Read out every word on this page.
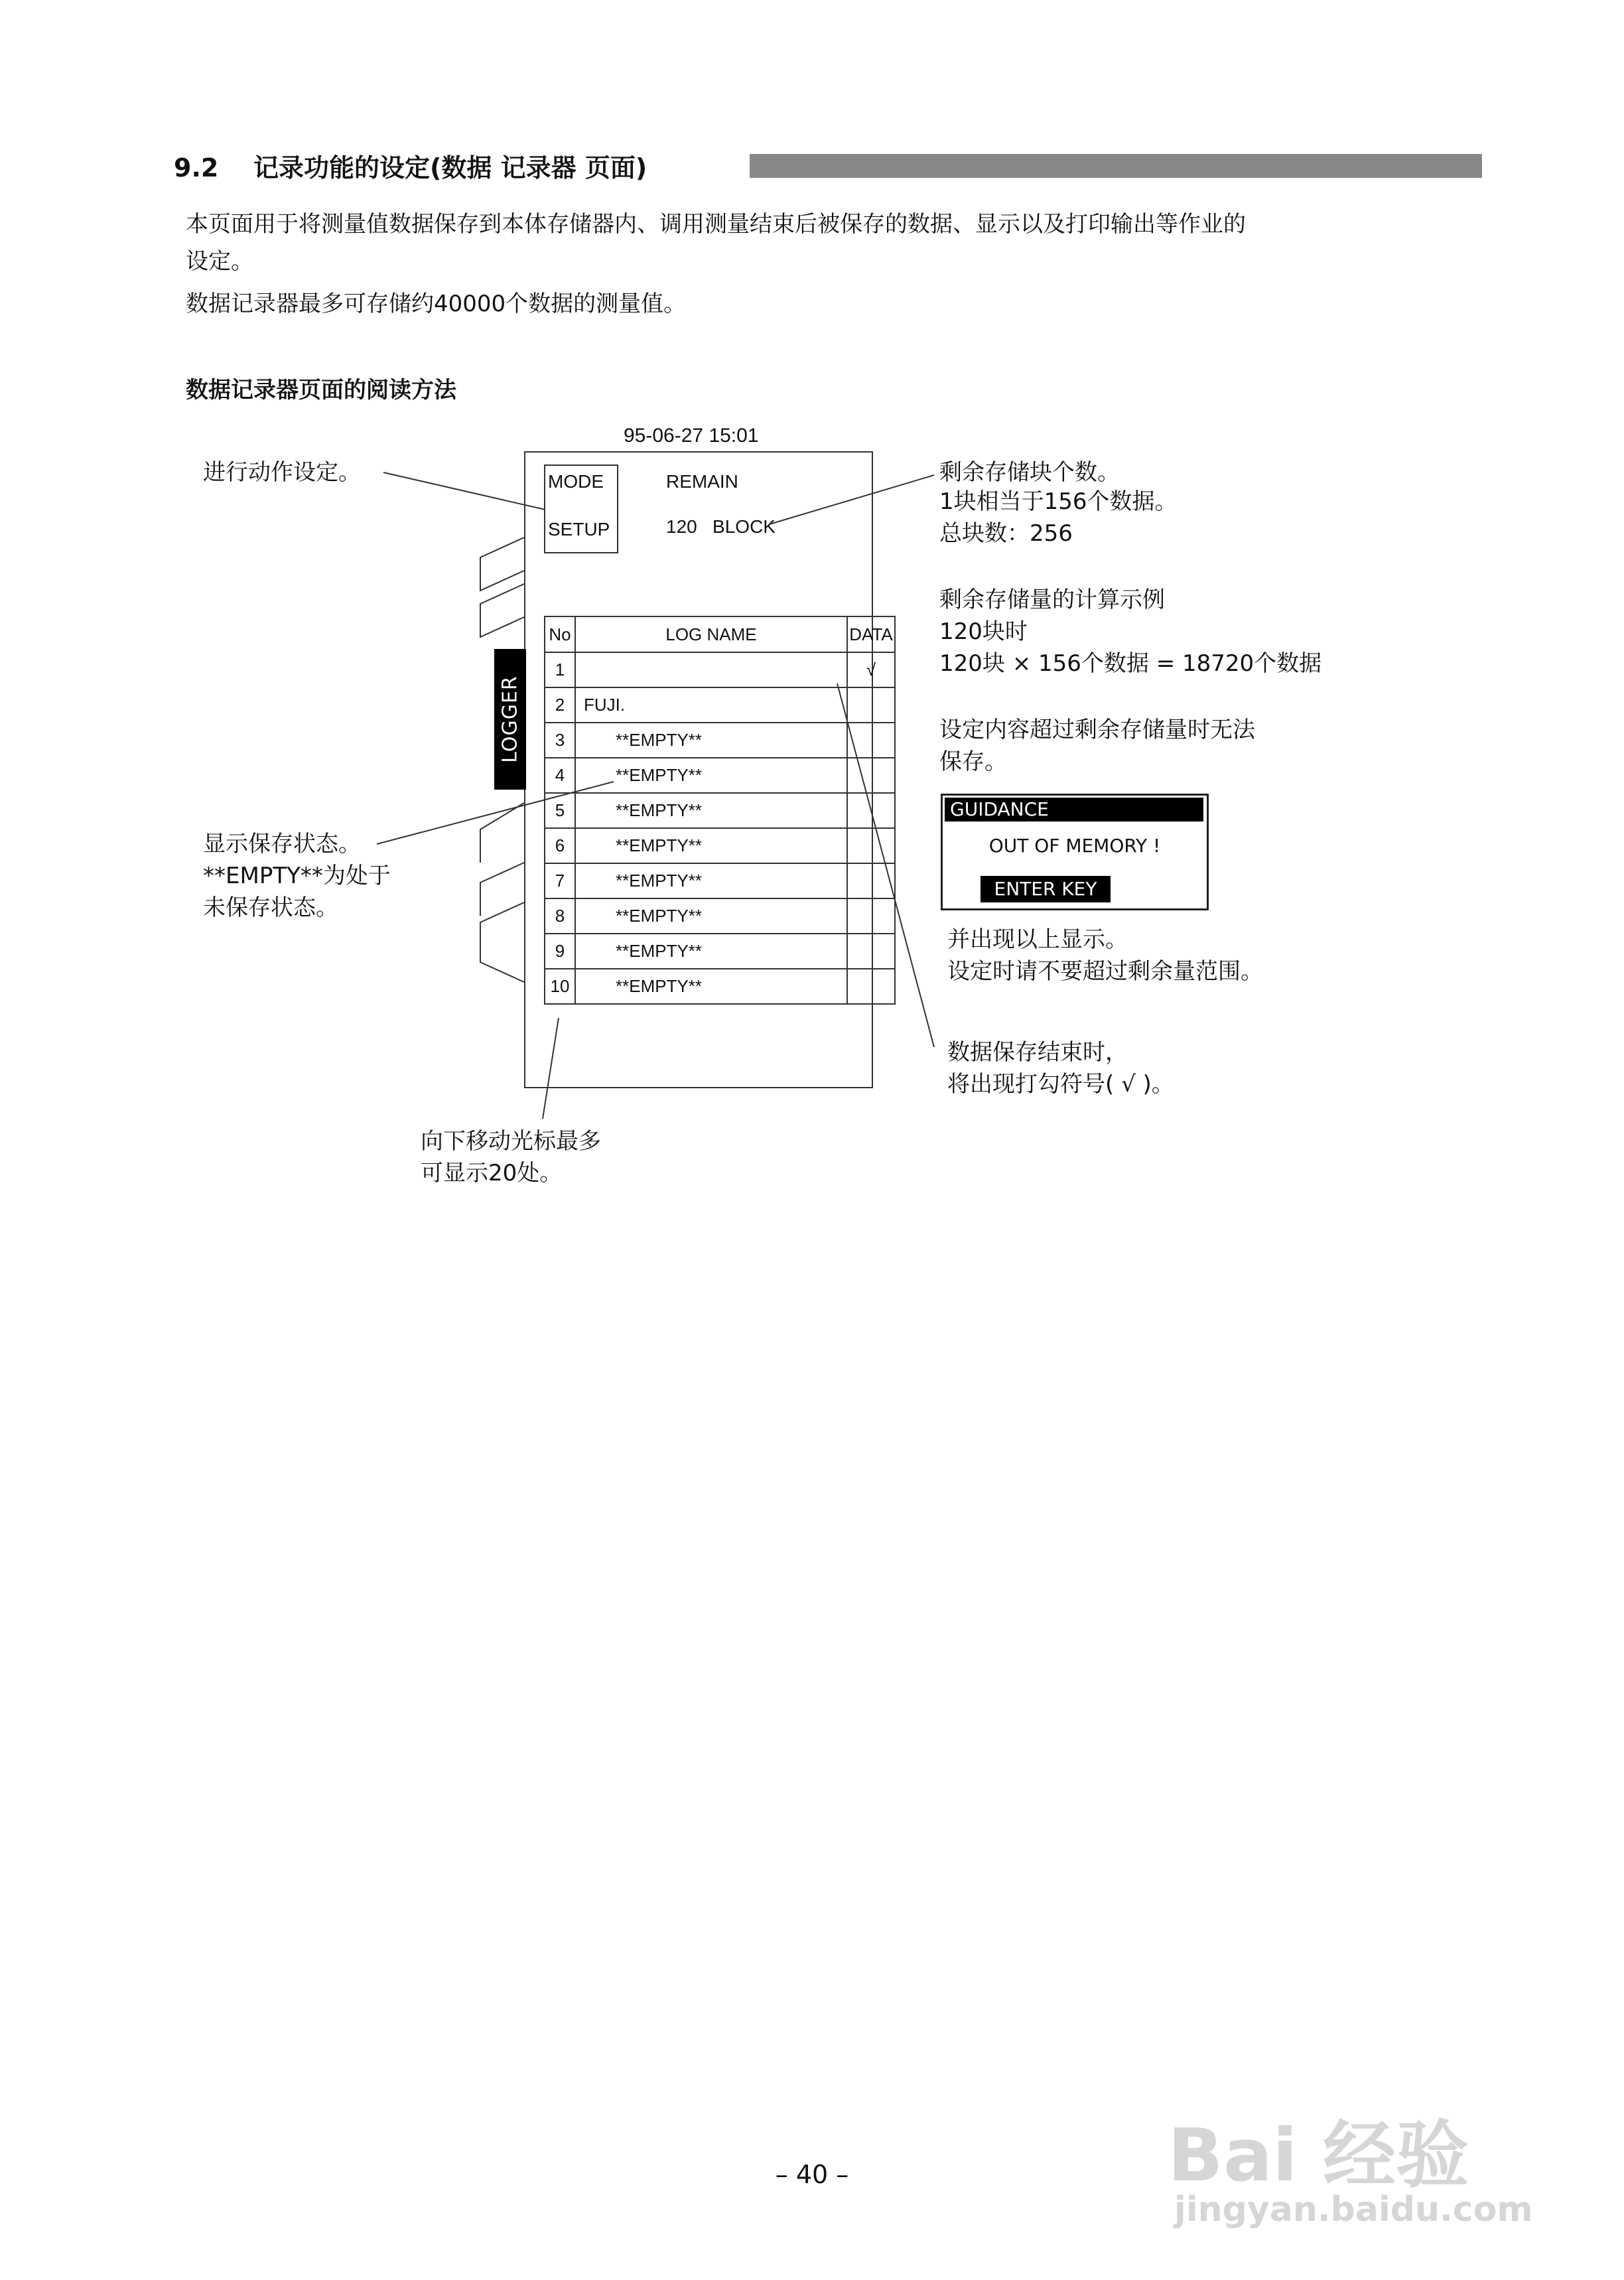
9.2 记录功能的设定(数据 记录器 页面)
本页面用于将测量值数据保存到本体存储器内、调用测量结束后被保存的数据、显示以及打印输出等作业的
设定。
数据记录器最多可存储约40000个数据的测量值。
数据记录器页面的阅读方法
95-06-27 15:01
MODE
SETUP
REMAIN
120   BLOCK
LOGGER
No	LOG NAME	DATA
1		√
2	FUJI.	
3	**EMPTY**	
4	**EMPTY**	
5	**EMPTY**	
6	**EMPTY**	
7	**EMPTY**	
8	**EMPTY**	
9	**EMPTY**	
10	**EMPTY**	
进行动作设定。	剩余存储块个数。
1块相当于156个数据。
总块数：256
剩余存储量的计算示例
120块时
120块 × 156个数据 = 18720个数据
设定内容超过剩余存储量时无法
保存。
GUIDANCE
OUT OF MEMORY !
ENTER KEY
并出现以上显示。
设定时请不要超过剩余量范围。
显示保存状态。
**EMPTY**为处于
未保存状态。
数据保存结束时，
将出现打勾符号( √ )。
向下移动光标最多
可显示20处。
– 40 –	Bai 经验
jingyan.baidu.com
